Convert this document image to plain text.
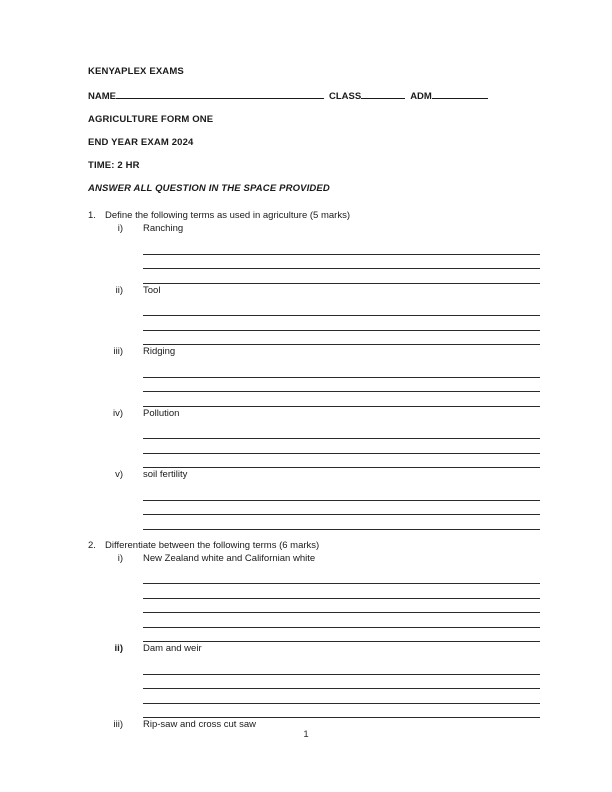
KENYAPLEX EXAMS
NAME	CLASS	ADM
AGRICULTURE FORM ONE
END YEAR EXAM 2024
TIME: 2 HR
ANSWER ALL QUESTION IN THE SPACE PROVIDED
1. Define the following terms as used in agriculture (5 marks)
i)	Ranching
ii)	Tool
iii)	Ridging
iv)	Pollution
v)	soil fertility
2. Differentiate between the following terms (6 marks)
i)	New Zealand white and Californian white
ii)	Dam and weir
iii)	Rip-saw and cross cut saw
1
